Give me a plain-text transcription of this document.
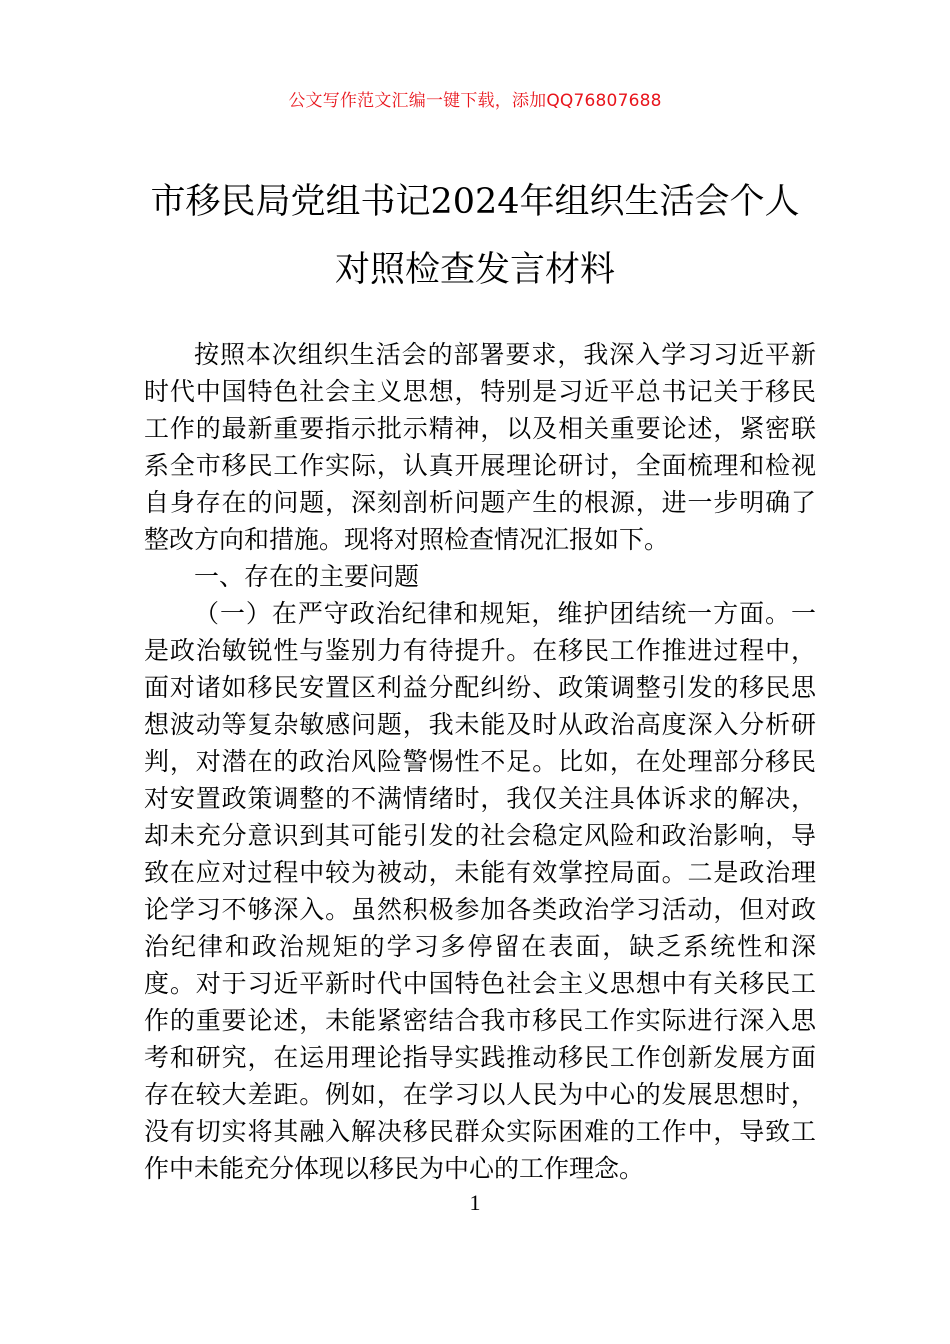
公文写作范文汇编一键下载，添加QQ76807688
市移民局党组书记2024年组织生活会个人
对照检查发言材料

按照本次组织生活会的部署要求，我深入学习习近平新时代中国特色社会主义思想，特别是习近平总书记关于移民工作的最新重要指示批示精神，以及相关重要论述，紧密联系全市移民工作实际，认真开展理论研讨，全面梳理和检视自身存在的问题，深刻剖析问题产生的根源，进一步明确了整改方向和措施。现将对照检查情况汇报如下。

一、存在的主要问题

（一）在严守政治纪律和规矩，维护团结统一方面。一是政治敏锐性与鉴别力有待提升。在移民工作推进过程中，面对诸如移民安置区利益分配纠纷、政策调整引发的移民思想波动等复杂敏感问题，我未能及时从政治高度深入分析研判，对潜在的政治风险警惕性不足。比如，在处理部分移民对安置政策调整的不满情绪时，我仅关注具体诉求的解决，却未充分意识到其可能引发的社会稳定风险和政治影响，导致在应对过程中较为被动，未能有效掌控局面。二是政治理论学习不够深入。虽然积极参加各类政治学习活动，但对政治纪律和政治规矩的学习多停留在表面，缺乏系统性和深度。对于习近平新时代中国特色社会主义思想中有关移民工作的重要论述，未能紧密结合我市移民工作实际进行深入思考和研究，在运用理论指导实践推动移民工作创新发展方面存在较大差距。例如，在学习以人民为中心的发展思想时，没有切实将其融入解决移民群众实际困难的工作中，导致工作中未能充分体现以移民为中心的工作理念。

1
